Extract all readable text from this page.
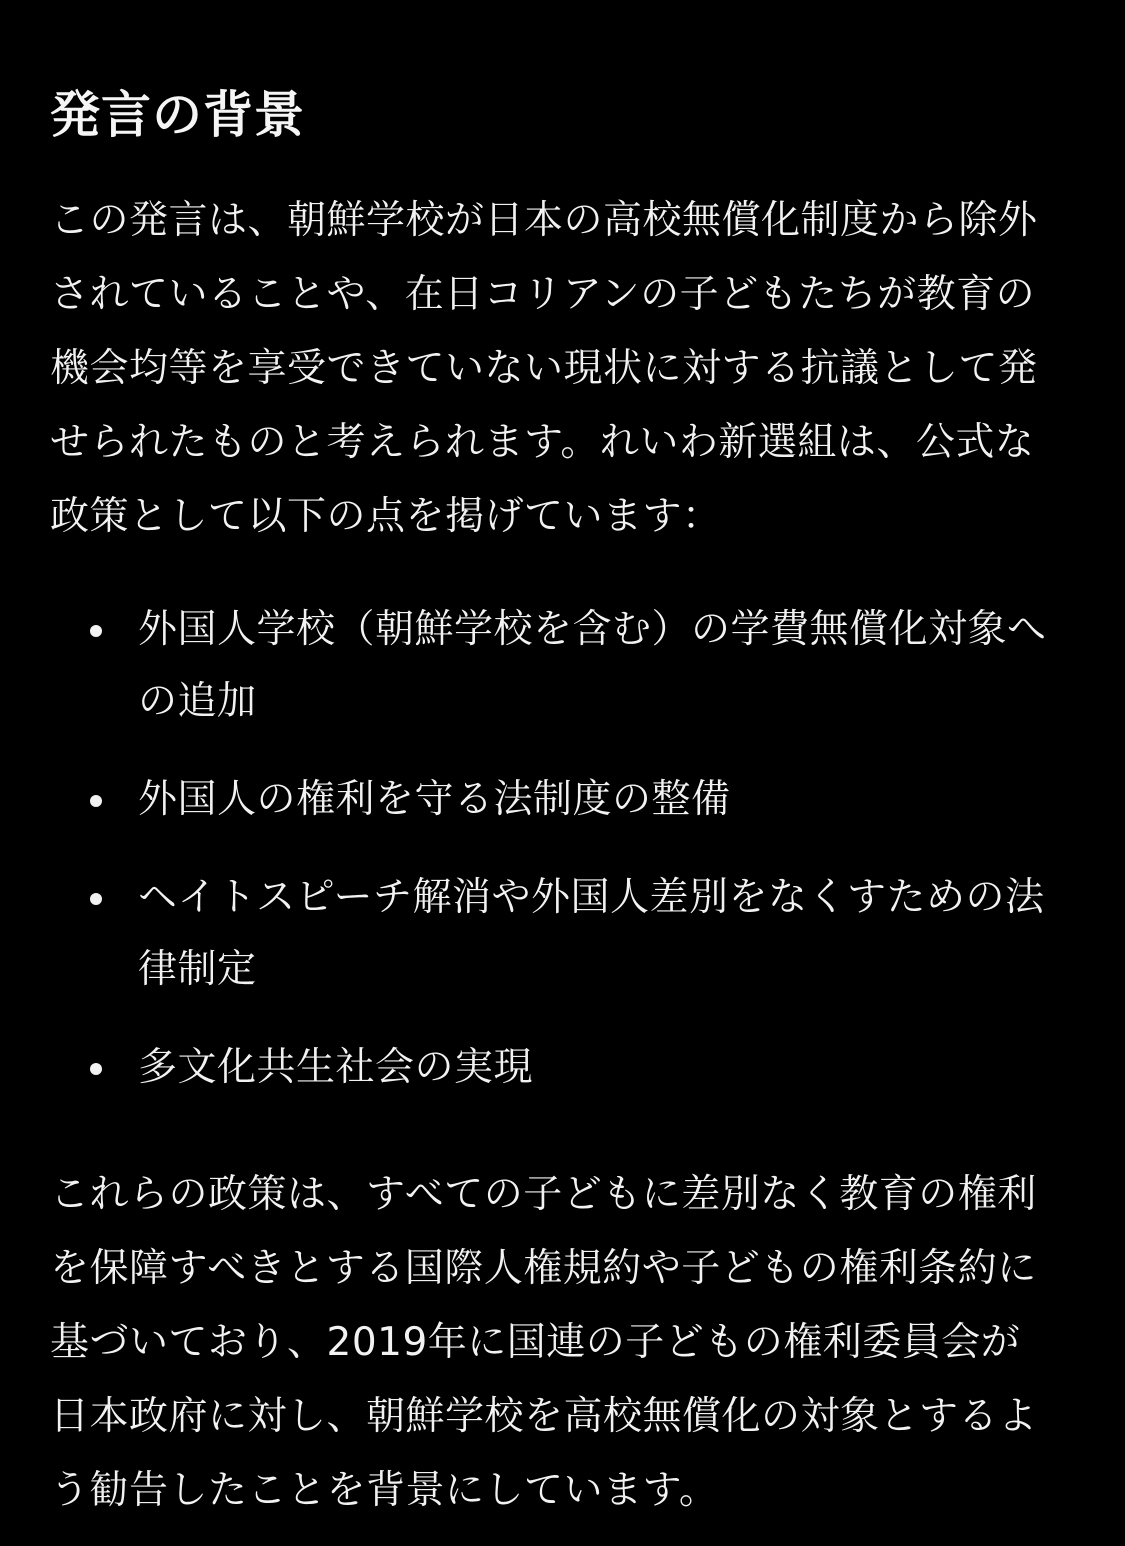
発言の背景

この発言は、朝鮮学校が日本の高校無償化制度から除外されていることや、在日コリアンの子どもたちが教育の機会均等を享受できていない現状に対する抗議として発せられたものと考えられます。れいわ新選組は、公式な政策として以下の点を掲げています：

外国人学校（朝鮮学校を含む）の学費無償化対象への追加
外国人の権利を守る法制度の整備
ヘイトスピーチ解消や外国人差別をなくすための法律制定
多文化共生社会の実現

これらの政策は、すべての子どもに差別なく教育の権利を保障すべきとする国際人権規約や子どもの権利条約に基づいており、2019年に国連の子どもの権利委員会が日本政府に対し、朝鮮学校を高校無償化の対象とするよう勧告したことを背景にしています。
